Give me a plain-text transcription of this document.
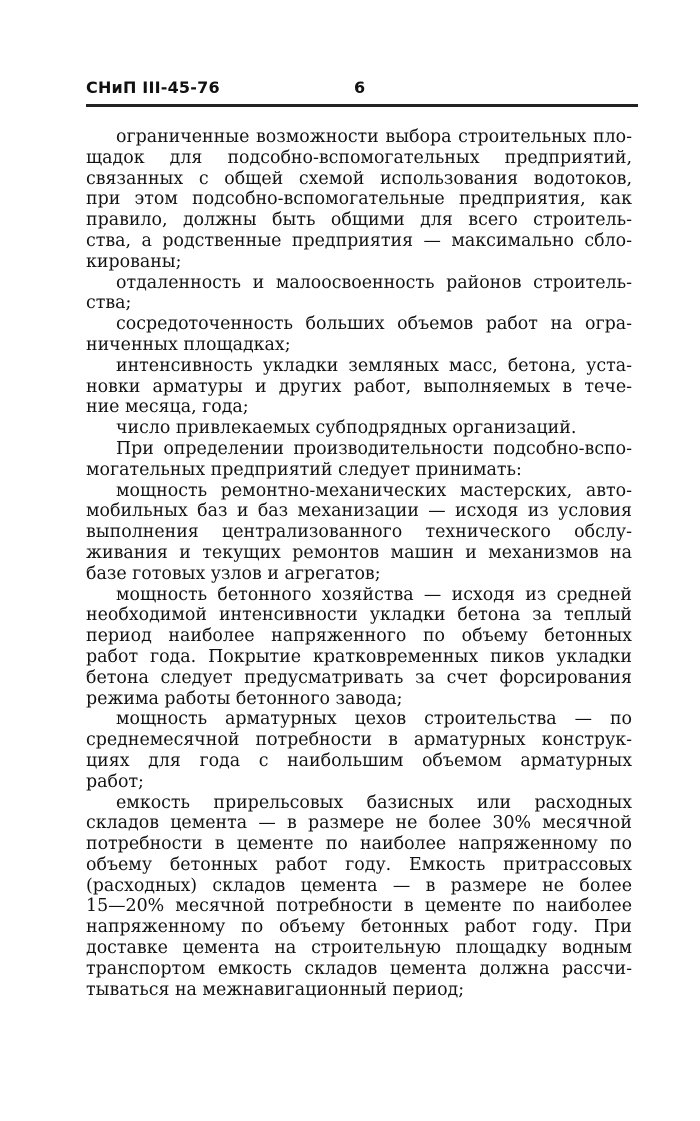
СНиП III-45-76	6
ограниченные возможности выбора строительных пло-
щадок для подсобно-вспомогательных предприятий,
связанных с общей схемой использования водотоков,
при этом подсобно-вспомогательные предприятия, как
правило, должны быть общими для всего строитель-
ства, а родственные предприятия — максимально сбло-
кированы;
отдаленность и малоосвоенность районов строитель-
ства;
сосредоточенность больших объемов работ на огра-
ниченных площадках;
интенсивность укладки земляных масс, бетона, уста-
новки арматуры и других работ, выполняемых в тече-
ние месяца, года;
число привлекаемых субподрядных организаций.
При определении производительности подсобно-вспо-
могательных предприятий следует принимать:
мощность ремонтно-механических мастерских, авто-
мобильных баз и баз механизации — исходя из условия
выполнения централизованного технического обслу-
живания и текущих ремонтов машин и механизмов на
базе готовых узлов и агрегатов;
мощность бетонного хозяйства — исходя из средней
необходимой интенсивности укладки бетона за теплый
период наиболее напряженного по объему бетонных
работ года. Покрытие кратковременных пиков укладки
бетона следует предусматривать за счет форсирования
режима работы бетонного завода;
мощность арматурных цехов строительства — по
среднемесячной потребности в арматурных конструк-
циях для года с наибольшим объемом арматурных
работ;
емкость прирельсовых базисных или расходных
складов цемента — в размере не более 30% месячной
потребности в цементе по наиболее напряженному по
объему бетонных работ году. Емкость притрассовых
(расходных) складов цемента — в размере не более
15—20% месячной потребности в цементе по наиболее
напряженному по объему бетонных работ году. При
доставке цемента на строительную площадку водным
транспортом емкость складов цемента должна рассчи-
тываться на межнавигационный период;
